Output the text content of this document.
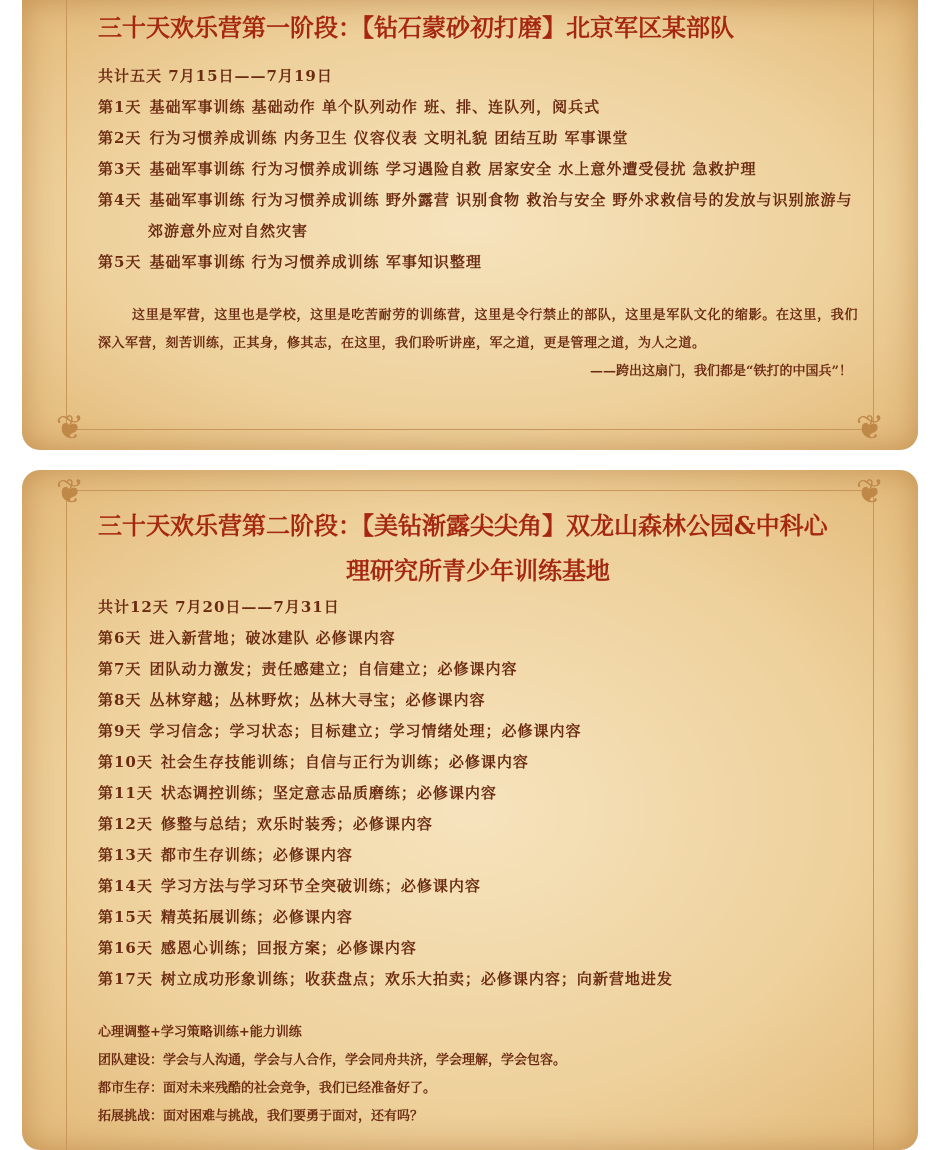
❦	❦
❦	❦
三十天欢乐营第一阶段：【钻石蒙砂初打磨】北京军区某部队
共计五天 7月15日——7月19日
第1天 基础军事训练 基础动作 单个队列动作 班、排、连队列，阅兵式
第2天 行为习惯养成训练 内务卫生 仪容仪表 文明礼貌 团结互助 军事课堂
第3天 基础军事训练 行为习惯养成训练 学习遇险自救 居家安全 水上意外遭受侵扰 急救护理
第4天 基础军事训练 行为习惯养成训练 野外露营 识别食物 救治与安全 野外求救信号的发放与识别旅游与郊游意外应对自然灾害
第5天 基础军事训练 行为习惯养成训练 军事知识整理
这里是军营，这里也是学校，这里是吃苦耐劳的训练营，这里是令行禁止的部队，这里是军队文化的缩影。在这里，我们深入军营，刻苦训练，正其身，修其志，在这里，我们聆听讲座，军之道，更是管理之道，为人之道。
——跨出这扇门，我们都是“铁打的中国兵”！
三十天欢乐营第二阶段：【美钻渐露尖尖角】双龙山森林公园&中科心
理研究所青少年训练基地
共计12天 7月20日——7月31日
第6天 进入新营地；破冰建队 必修课内容
第7天 团队动力激发；责任感建立；自信建立；必修课内容
第8天 丛林穿越；丛林野炊；丛林大寻宝；必修课内容
第9天 学习信念；学习状态；目标建立；学习情绪处理；必修课内容
第10天 社会生存技能训练；自信与正行为训练；必修课内容
第11天 状态调控训练；坚定意志品质磨练；必修课内容
第12天 修整与总结；欢乐时装秀；必修课内容
第13天 都市生存训练；必修课内容
第14天 学习方法与学习环节全突破训练；必修课内容
第15天 精英拓展训练；必修课内容
第16天 感恩心训练；回报方案；必修课内容
第17天 树立成功形象训练；收获盘点；欢乐大拍卖；必修课内容；向新营地进发
心理调整+学习策略训练+能力训练
团队建设：学会与人沟通，学会与人合作，学会同舟共济，学会理解，学会包容。
都市生存：面对未来残酷的社会竞争，我们已经准备好了。
拓展挑战：面对困难与挑战，我们要勇于面对，还有吗？
